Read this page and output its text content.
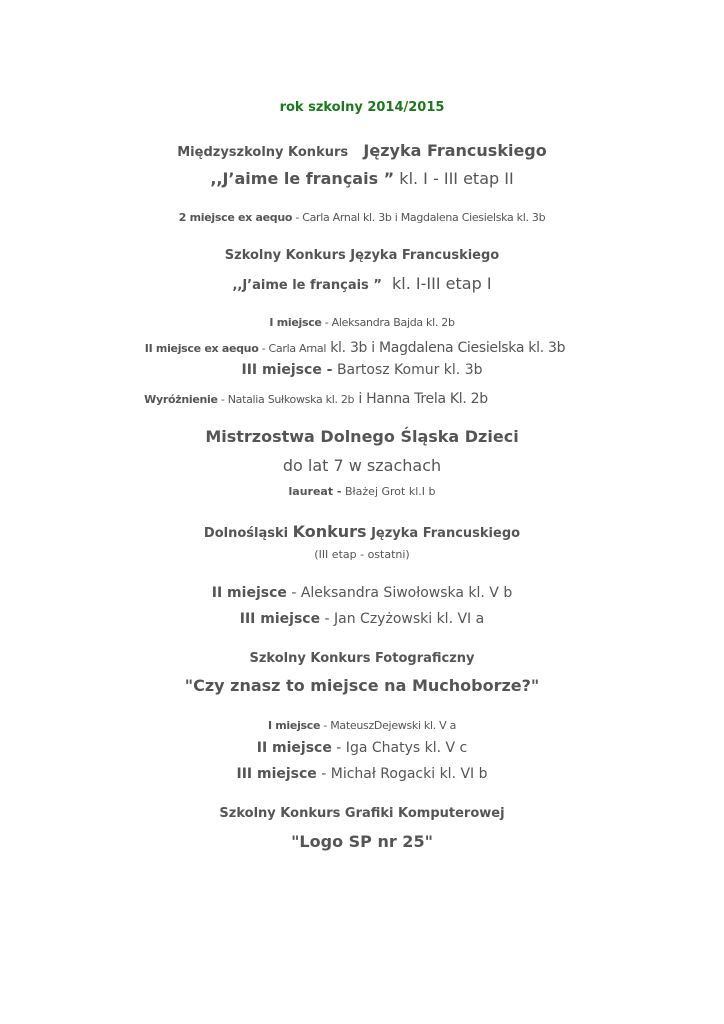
rok szkolny 2014/2015
Międzyszkolny Konkurs Języka Francuskiego
,,J’aime le français ” kl. I - III etap II
2 miejsce ex aequo - Carla Arnal kl. 3b i Magdalena Ciesielska kl. 3b
Szkolny Konkurs Języka Francuskiego
,,J’aime le français ” kl. I-III etap I
I miejsce - Aleksandra Bajda kl. 2b
II miejsce ex aequo - Carla Arnal kl. 3b i Magdalena Ciesielska kl. 3b
III miejsce - Bartosz Komur kl. 3b
Wyróżnienie - Natalia Sułkowska kl. 2b i Hanna Trela Kl. 2b
Mistrzostwa Dolnego Śląska Dzieci
do lat 7 w szachach
laureat - Błażej Grot kl.I b
Dolnośląski Konkurs Języka Francuskiego
(III etap - ostatni)
II miejsce - Aleksandra Siwołowska kl. V b
III miejsce - Jan Czyżowski kl. VI a
Szkolny Konkurs Fotograficzny
"Czy znasz to miejsce na Muchoborze?"
I miejsce - MateuszDejewski kl. V a
II miejsce - Iga Chatys kl. V c
III miejsce - Michał Rogacki kl. VI b
Szkolny Konkurs Grafiki Komputerowej
"Logo SP nr 25"
